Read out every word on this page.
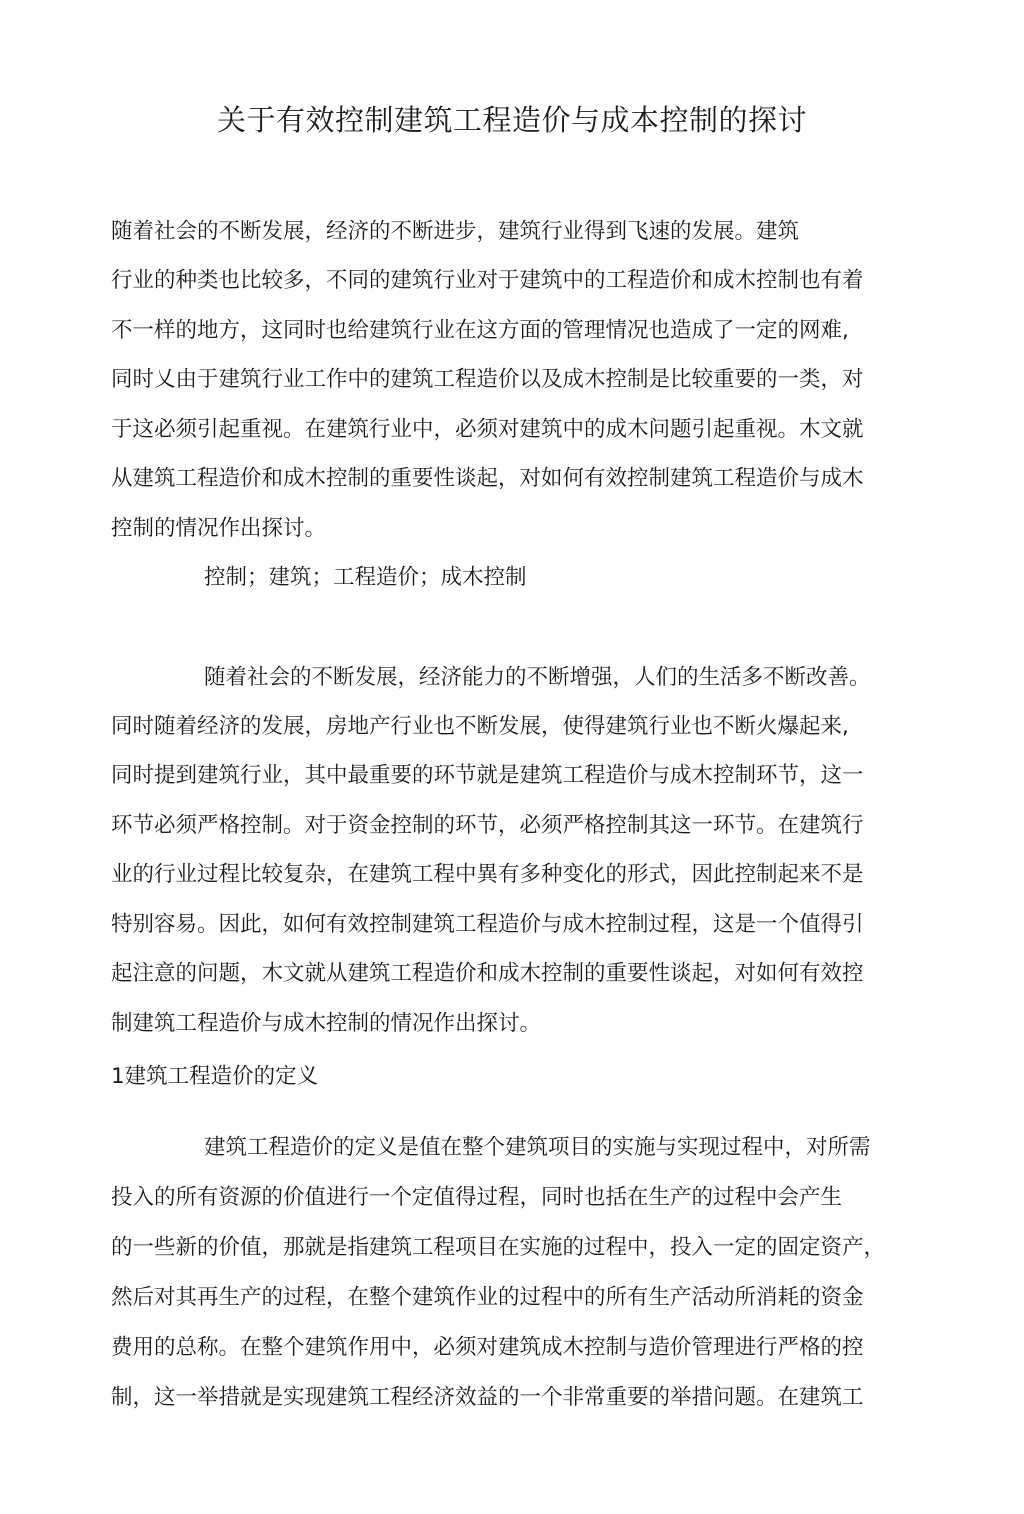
关于有效控制建筑工程造价与成本控制的探讨
随着社会的不断发展，经济的不断进步，建筑行业得到飞速的发展。建筑
行业的种类也比较多，不同的建筑行业对于建筑中的工程造价和成木控制也有着
不一样的地方，这同时也给建筑行业在这方面的管理情况也造成了一定的网难,
同时乂由于建筑行业工作中的建筑工程造价以及成木控制是比较重要的一类，对
于这必须引起重视。在建筑行业中，必须对建筑中的成木问题引起重视。木文就
从建筑工程造价和成木控制的重要性谈起，对如何有效控制建筑工程造价与成木
控制的情况作出探讨。
控制；建筑；工程造价；成木控制
随着社会的不断发展，经济能力的不断增强，人们的生活多不断改善。
同时随着经济的发展，房地产行业也不断发展，使得建筑行业也不断火爆起来,
同时提到建筑行业，其中最重要的环节就是建筑工程造价与成木控制环节，这一
环节必须严格控制。对于资金控制的环节，必须严格控制其这一环节。在建筑行
业的行业过程比较复杂，在建筑工程中異有多种变化的形式，因此控制起来不是
特别容易。因此，如何有效控制建筑工程造价与成木控制过程，这是一个值得引
起注意的问题，木文就从建筑工程造价和成木控制的重要性谈起，对如何有效控
制建筑工程造价与成木控制的情况作出探讨。
1建筑工程造价的定义
建筑工程造价的定义是值在整个建筑项目的实施与实现过程中，对所需
投入的所有资源的价值进行一个定值得过程，同时也括在生产的过程中会产生
的一些新的价值，那就是指建筑工程项目在实施的过程中，投入一定的固定资产，
然后对其再生产的过程，在整个建筑作业的过程中的所有生产活动所消耗的资金
费用的总称。在整个建筑作用中，必须对建筑成木控制与造价管理进行严格的控
制，这一举措就是实现建筑工程经济效益的一个非常重要的举措问题。在建筑工
